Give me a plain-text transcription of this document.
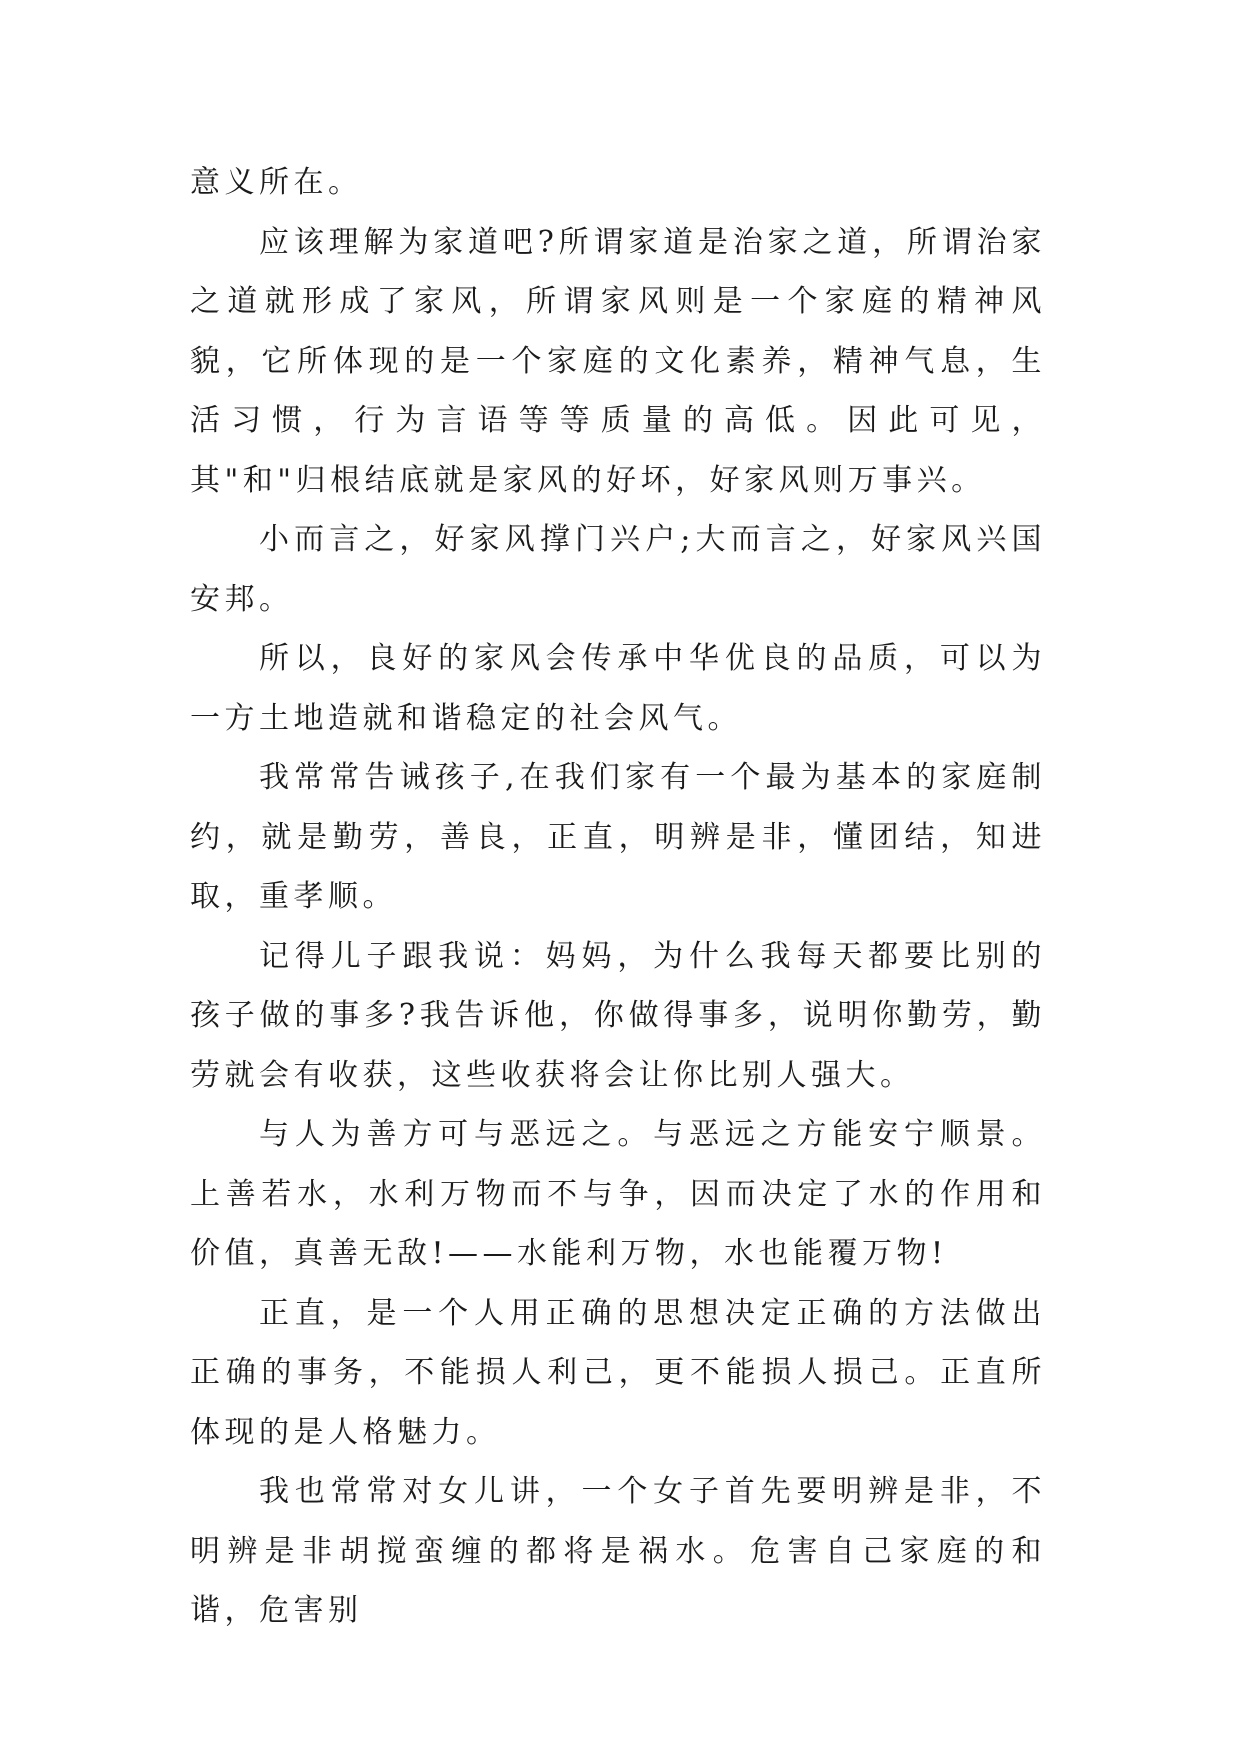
意义所在。

应该理解为家道吧?所谓家道是治家之道，所谓治家之道就形成了家风，所谓家风则是一个家庭的精神风貌，它所体现的是一个家庭的文化素养，精神气息，生活习惯，行为言语等等质量的高低。因此可见，其"和"归根结底就是家风的好坏，好家风则万事兴。

小而言之，好家风撑门兴户;大而言之，好家风兴国安邦。

所以，良好的家风会传承中华优良的品质，可以为一方土地造就和谐稳定的社会风气。

我常常告诫孩子,在我们家有一个最为基本的家庭制约，就是勤劳，善良，正直，明辨是非，懂团结，知进取，重孝顺。

记得儿子跟我说：妈妈，为什么我每天都要比别的孩子做的事多?我告诉他，你做得事多，说明你勤劳，勤劳就会有收获，这些收获将会让你比别人强大。

与人为善方可与恶远之。与恶远之方能安宁顺景。上善若水，水利万物而不与争，因而决定了水的作用和价值，真善无敌!——水能利万物，水也能覆万物!

正直，是一个人用正确的思想决定正确的方法做出正确的事务，不能损人利己，更不能损人损己。正直所体现的是人格魅力。

我也常常对女儿讲，一个女子首先要明辨是非，不明辨是非胡搅蛮缠的都将是祸水。危害自己家庭的和谐，危害别
